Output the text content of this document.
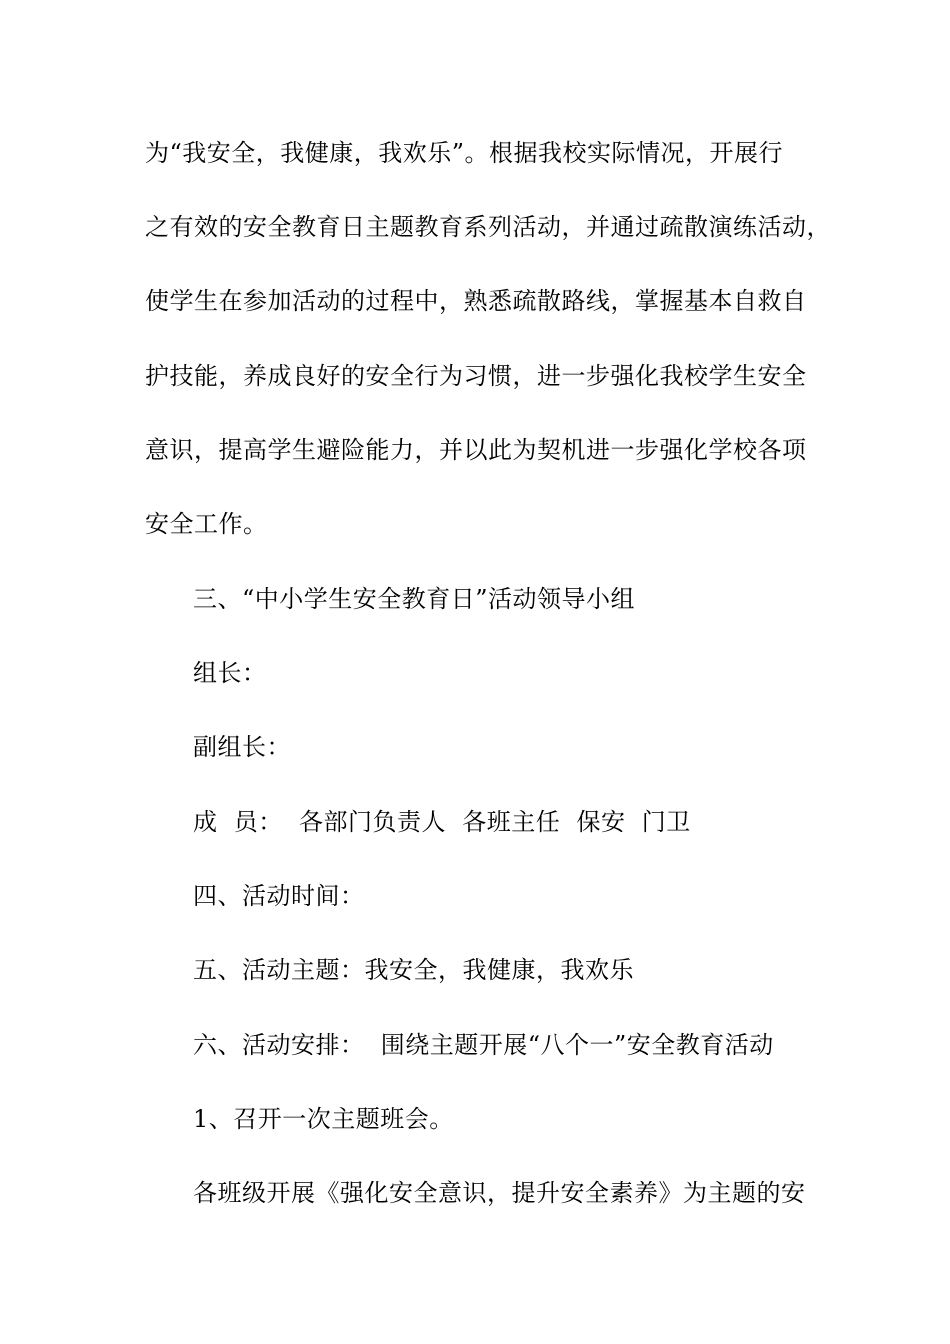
为“我安全，我健康，我欢乐”。根据我校实际情况，开展行
之有效的安全教育日主题教育系列活动，并通过疏散演练活动，
使学生在参加活动的过程中，熟悉疏散路线，掌握基本自救自
护技能，养成良好的安全行为习惯，进一步强化我校学生安全
意识，提高学生避险能力，并以此为契机进一步强化学校各项
安全工作。
三、“中小学生安全教育日”活动领导小组
组长：
副组长：
成  员：  各部门负责人  各班主任  保安  门卫
四、活动时间：
五、活动主题：我安全，我健康，我欢乐
六、活动安排：  围绕主题开展“八个一”安全教育活动
1、召开一次主题班会。
各班级开展《强化安全意识，提升安全素养》为主题的安
